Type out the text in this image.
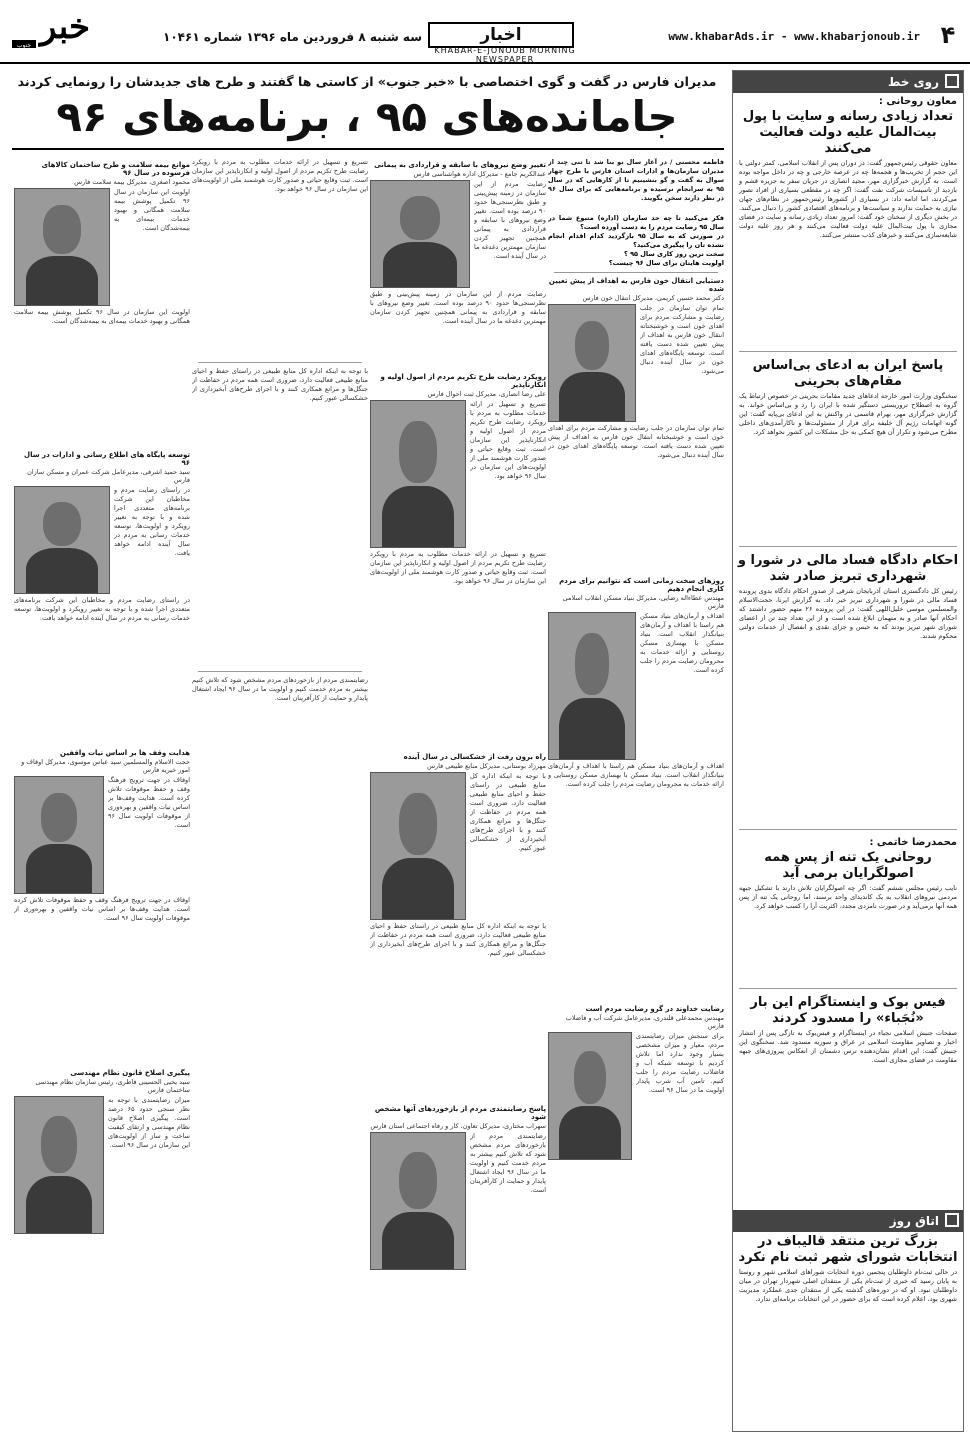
خبر
جنوب
سه شنبه ۸ فروردین ماه ۱۳۹۶ شماره ۱۰۴۶۱	اخبار
KHABAR-E-JONOUB MORNING NEWSPAPER
www.khabarAds.ir - www.khabarjonoub.ir ۴
روی خط
معاون روحانی :
تعداد زیادی رسانه و سایت با پول بیت‌المال علیه دولت فعالیت می‌کنند
معاون حقوقی رئیس‌جمهور گفت: در دوران پس از انقلاب اسلامی، کمتر دولتی با این حجم از تخریب‌ها و هجمه‌ها چه در عرصه خارجی و چه در داخل مواجه بوده است. به گزارش خبرگزاری مهر، مجید انصاری در جریان سفر به جزیره قشم و بازدید از تاسیسات شرکت نفت گفت: اگر چه در مقطعی بسیاری از افراد تصور می‌کردند، اما ادامه داد: در بسیاری از کشورها رئیس‌جمهور در نظام‌های جهان نیازی به حمایت ندارند و سیاست‌ها و برنامه‌های اقتصادی کشور را دنبال می‌کنند. در بخش دیگری از سخنان خود گفت: امروز تعداد زیادی رسانه و سایت در فضای مجازی با پول بیت‌المال علیه دولت فعالیت می‌کنند و هر روز علیه دولت شایعه‌سازی می‌کنند و خبرهای کذب منتشر می‌کنند.
پاسخ ایران به ادعای بی‌اساس مقام‌های بحرینی
سخنگوی وزارت امور خارجه ادعاهای جدید مقامات بحرینی در خصوص ارتباط یک گروه به اصطلاح تروریستی دستگیر شده با ایران را رد و بی‌اساس خواند. به گزارش خبرگزاری مهر، بهرام قاسمی در واکنش به این ادعای بی‌پایه گفت: این گونه اتهامات رژیم آل خلیفه برای فرار از مسئولیت‌ها و ناکارآمدی‌های داخلی مطرح می‌شود و تکرار آن هیچ کمکی به حل مشکلات این کشور نخواهد کرد.
احکام دادگاه فساد مالی در شورا و شهرداری تبریز صادر شد
رئیس کل دادگستری استان آذربایجان شرقی از صدور احکام دادگاه بدوی پرونده فساد مالی در شورا و شهرداری تبریز خبر داد. به گزارش ایرنا، حجت‌الاسلام والمسلمین موسی خلیل‌اللهی گفت: در این پرونده ۲۶ متهم حضور داشتند که احکام آنها صادر و به متهمان ابلاغ شده است و از این تعداد چند تن از اعضای شورای شهر تبریز بودند که به حبس و جزای نقدی و انفصال از خدمات دولتی محکوم شدند.
محمدرضا خاتمی :
روحانی یک تنه از پس همه اصولگرایان برمی آید
نایب رئیس مجلس ششم گفت: اگر چه اصولگرایان تلاش دارند با تشکیل جبهه مردمی نیروهای انقلاب به یک کاندیدای واحد برسند، اما روحانی یک تنه از پس همه آنها برمی‌آید و در صورت نامزدی مجدد، اکثریت آرا را کسب خواهد کرد.
فیس بوک و اینستاگرام این بار «نُجَباء» را مسدود کردند
صفحات جنبش اسلامی نجباء در اینستاگرام و فیس‌بوک به تازگی پس از انتشار اخبار و تصاویر مقاومت اسلامی در عراق و سوریه مسدود شد. سخنگوی این جنبش گفت: این اقدام نشان‌دهنده ترس دشمنان از انعکاس پیروزی‌های جبهه مقاومت در فضای مجازی است.
اتاق روز
بزرگ ترین منتقد قالیباف در انتخابات شورای شهر ثبت نام نکرد
در حالی ثبت‌نام داوطلبان پنجمین دوره انتخابات شوراهای اسلامی شهر و روستا به پایان رسید که خبری از ثبت‌نام یکی از منتقدان اصلی شهردار تهران در میان داوطلبان نبود. او که در دوره‌های گذشته یکی از منتقدان جدی عملکرد مدیریت شهری بود، اعلام کرده است که برای حضور در این انتخابات برنامه‌ای ندارد.
مدیران فارس در گفت و گوی اختصاصی با «خبر جنوب» از کاستی ها گفتند و طرح های جدیدشان را رونمایی کردند
جامانده‌های ۹۵ ، برنامه‌های ۹۶
فاطمه محسنی / در آغاز سال نو بنا شد تا تنی چند از مدیران سازمان‌ها و ادارات استان فارس با طرح چهار سوال به گفت و گو بنشینیم تا از کارهایی که در سال ۹۵ به سرانجام نرسیده و برنامه‌هایی که برای سال ۹۶ در نظر دارند سخن بگویند.
فکر می‌کنید تا چه حد سازمان (اداره) متبوع شما در سال ۹۵ رضایت مردم را به دست آورده است؟
در صورتی که به سال ۹۵ بازگردید کدام اقدام انجام نشده تان را پیگیری می‌کنید؟
سخت ترین روز کاری سال ۹۵ ؟
اولویت هایتان برای سال ۹۶ چیست؟
دستیابی انتقال خون فارس به اهداف از پیش تعیین شده
دکتر محمد حسین کریمی، مدیرکل انتقال خون فارس
تمام توان سازمان در جلب رضایت و مشارکت مردم برای اهدای خون است و خوشبختانه انتقال خون فارس به اهداف از پیش تعیین شده دست یافته است. توسعه پایگاه‌های اهدای خون در سال آینده دنبال می‌شود.
تمام توان سازمان در جلب رضایت و مشارکت مردم برای اهدای خون است و خوشبختانه انتقال خون فارس به اهداف از پیش تعیین شده دست یافته است. توسعه پایگاه‌های اهدای خون در سال آینده دنبال می‌شود.
روزهای سخت زمانی است که نتوانیم برای مردم کاری انجام دهیم
مهندس عطاءاله رضایی، مدیرکل بنیاد مسکن انقلاب اسلامی فارس
اهداف و آرمان‌های بنیاد مسکن هم راستا با اهداف و آرمان‌های بنیانگذار انقلاب است. بنیاد مسکن با بهسازی مسکن روستایی و ارائه خدمات به محرومان رضایت مردم را جلب کرده است.
اهداف و آرمان‌های بنیاد مسکن هم راستا با اهداف و آرمان‌های بنیانگذار انقلاب است. بنیاد مسکن با بهسازی مسکن روستایی و ارائه خدمات به محرومان رضایت مردم را جلب کرده است.
رضایت خداوند در گرو رضایت مردم است
مهندس محمدعلی قلندری، مدیرعامل شرکت آب و فاضلاب فارس
برای سنجش میزان رضایتمندی مردم، معیار و میزان مشخصی بسیار وجود ندارد اما تلاش کردیم با توسعه شبکه آب و فاضلاب رضایت مردم را جلب کنیم. تامین آب شرب پایدار اولویت ما در سال ۹۶ است.
تغییر وضع نیروهای با سابقه و قراردادی به پیمانی
عبدالکریم جامع - مدیرکل اداره هواشناسی فارس
رضایت مردم از این سازمان در زمینه پیش‌بینی و طبق نظرسنجی‌ها حدود ۹۰ درصد بوده است. تغییر وضع نیروهای با سابقه و قراردادی به پیمانی همچنین تجهیز کردن سازمان مهمترین دغدغه ما در سال آینده است.
رضایت مردم از این سازمان در زمینه پیش‌بینی و طبق نظرسنجی‌ها حدود ۹۰ درصد بوده است. تغییر وضع نیروهای با سابقه و قراردادی به پیمانی همچنین تجهیز کردن سازمان مهمترین دغدغه ما در سال آینده است.
رویکرد رضایت طرح تکریم مردم از اصول اولیه و انکارناپذیر
علی رضا انصاری، مدیرکل ثبت احوال فارس
تسریع و تسهیل در ارائه خدمات مطلوب به مردم با رویکرد رضایت طرح تکریم مردم از اصول اولیه و انکارناپذیر این سازمان است. ثبت وقایع حیاتی و صدور کارت هوشمند ملی از اولویت‌های این سازمان در سال ۹۶ خواهد بود.
تسریع و تسهیل در ارائه خدمات مطلوب به مردم با رویکرد رضایت طرح تکریم مردم از اصول اولیه و انکارناپذیر این سازمان است. ثبت وقایع حیاتی و صدور کارت هوشمند ملی از اولویت‌های این سازمان در سال ۹۶ خواهد بود.
راه برون رفت از خشکسالی در سال آینده
مهرزاد بوستانی، مدیرکل منابع طبیعی فارس
با توجه به اینکه اداره کل منابع طبیعی در راستای حفظ و احیای منابع طبیعی فعالیت دارد، ضروری است همه مردم در حفاظت از جنگل‌ها و مراتع همکاری کنند و با اجرای طرح‌های آبخیزداری از خشکسالی عبور کنیم.
با توجه به اینکه اداره کل منابع طبیعی در راستای حفظ و احیای منابع طبیعی فعالیت دارد، ضروری است همه مردم در حفاظت از جنگل‌ها و مراتع همکاری کنند و با اجرای طرح‌های آبخیزداری از خشکسالی عبور کنیم.
پاسخ رضایتمندی مردم از بازخوردهای آنها مشخص شود
سهراب مختاری، مدیرکل تعاون، کار و رفاه اجتماعی استان فارس
رضایتمندی مردم از بازخوردهای مردم مشخص شود که تلاش کنیم بیشتر به مردم خدمت کنیم و اولویت ما در سال ۹۶ ایجاد اشتغال پایدار و حمایت از کارآفرینان است.
تسریع و تسهیل در ارائه خدمات مطلوب به مردم با رویکرد رضایت طرح تکریم مردم از اصول اولیه و انکارناپذیر این سازمان است. ثبت وقایع حیاتی و صدور کارت هوشمند ملی از اولویت‌های این سازمان در سال ۹۶ خواهد بود.
با توجه به اینکه اداره کل منابع طبیعی در راستای حفظ و احیای منابع طبیعی فعالیت دارد، ضروری است همه مردم در حفاظت از جنگل‌ها و مراتع همکاری کنند و با اجرای طرح‌های آبخیزداری از خشکسالی عبور کنیم.
رضایتمندی مردم از بازخوردهای مردم مشخص شود که تلاش کنیم بیشتر به مردم خدمت کنیم و اولویت ما در سال ۹۶ ایجاد اشتغال پایدار و حمایت از کارآفرینان است.
موانع بیمه سلامت و طرح ساختمان کالاهای فرسوده در سال ۹۶
محمود اصغری، مدیرکل بیمه سلامت فارس
اولویت این سازمان در سال ۹۶ تکمیل پوشش بیمه سلامت همگانی و بهبود خدمات بیمه‌ای به بیمه‌شدگان است.
اولویت این سازمان در سال ۹۶ تکمیل پوشش بیمه سلامت همگانی و بهبود خدمات بیمه‌ای به بیمه‌شدگان است.
توسعه پایگاه های اطلاع رسانی و ادارات در سال ۹۶
سید حمید اشرفی، مدیرعامل شرکت عمران و مسکن سازان فارس
در راستای رضایت مردم و مخاطبان این شرکت برنامه‌های متعددی اجرا شده و با توجه به تغییر رویکرد و اولویت‌ها، توسعه خدمات رسانی به مردم در سال آینده ادامه خواهد یافت.
در راستای رضایت مردم و مخاطبان این شرکت برنامه‌های متعددی اجرا شده و با توجه به تغییر رویکرد و اولویت‌ها، توسعه خدمات رسانی به مردم در سال آینده ادامه خواهد یافت.
هدایت وقف ها بر اساس نیات واقفین
حجت الاسلام والمسلمین سید عباس موسوی، مدیرکل اوقاف و امور خیریه فارس
اوقاف در جهت ترویج فرهنگ وقف و حفظ موقوفات تلاش کرده است. هدایت وقف‌ها بر اساس نیات واقفین و بهره‌وری از موقوفات اولویت سال ۹۶ است.
اوقاف در جهت ترویج فرهنگ وقف و حفظ موقوفات تلاش کرده است. هدایت وقف‌ها بر اساس نیات واقفین و بهره‌وری از موقوفات اولویت سال ۹۶ است.
پیگیری اصلاح قانون نظام مهندسی
سید یحیی الحسینی فاطری، رئیس سازمان نظام مهندسی ساختمان فارس
میزان رضایتمندی با توجه به نظر سنجی حدود ۶۵ درصد است. پیگیری اصلاح قانون نظام مهندسی و ارتقای کیفیت ساخت و ساز از اولویت‌های این سازمان در سال ۹۶ است.
